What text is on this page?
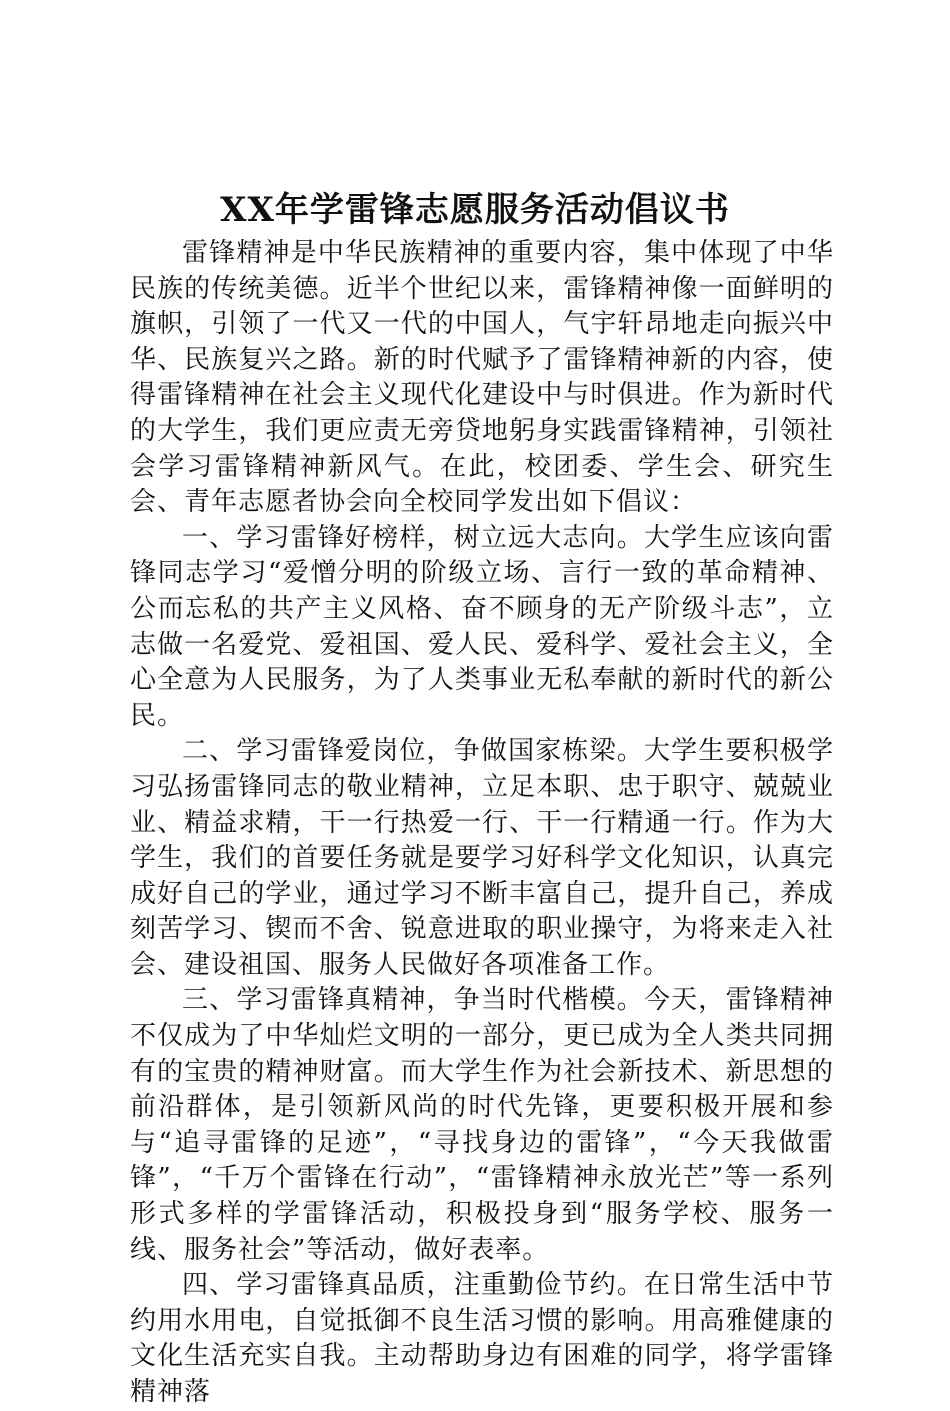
XX年学雷锋志愿服务活动倡议书

雷锋精神是中华民族精神的重要内容，集中体现了中华民族的传统美德。近半个世纪以来，雷锋精神像一面鲜明的旗帜，引领了一代又一代的中国人，气宇轩昂地走向振兴中华、民族复兴之路。新的时代赋予了雷锋精神新的内容，使得雷锋精神在社会主义现代化建设中与时俱进。作为新时代的大学生，我们更应责无旁贷地躬身实践雷锋精神，引领社会学习雷锋精神新风气。在此，校团委、学生会、研究生会、青年志愿者协会向全校同学发出如下倡议：

一、学习雷锋好榜样，树立远大志向。大学生应该向雷锋同志学习“爱憎分明的阶级立场、言行一致的革命精神、公而忘私的共产主义风格、奋不顾身的无产阶级斗志”，立志做一名爱党、爱祖国、爱人民、爱科学、爱社会主义，全心全意为人民服务，为了人类事业无私奉献的新时代的新公民。

二、学习雷锋爱岗位，争做国家栋梁。大学生要积极学习弘扬雷锋同志的敬业精神，立足本职、忠于职守、兢兢业业、精益求精，干一行热爱一行、干一行精通一行。作为大学生，我们的首要任务就是要学习好科学文化知识，认真完成好自己的学业，通过学习不断丰富自己，提升自己，养成刻苦学习、锲而不舍、锐意进取的职业操守，为将来走入社会、建设祖国、服务人民做好各项准备工作。

三、学习雷锋真精神，争当时代楷模。今天，雷锋精神不仅成为了中华灿烂文明的一部分，更已成为全人类共同拥有的宝贵的精神财富。而大学生作为社会新技术、新思想的前沿群体，是引领新风尚的时代先锋，更要积极开展和参与“追寻雷锋的足迹”，“寻找身边的雷锋”，“今天我做雷锋”，“千万个雷锋在行动”，“雷锋精神永放光芒”等一系列形式多样的学雷锋活动，积极投身到“服务学校、服务一线、服务社会”等活动，做好表率。

四、学习雷锋真品质，注重勤俭节约。在日常生活中节约用水用电，自觉抵御不良生活习惯的影响。用高雅健康的文化生活充实自我。主动帮助身边有困难的同学，将学雷锋精神落
